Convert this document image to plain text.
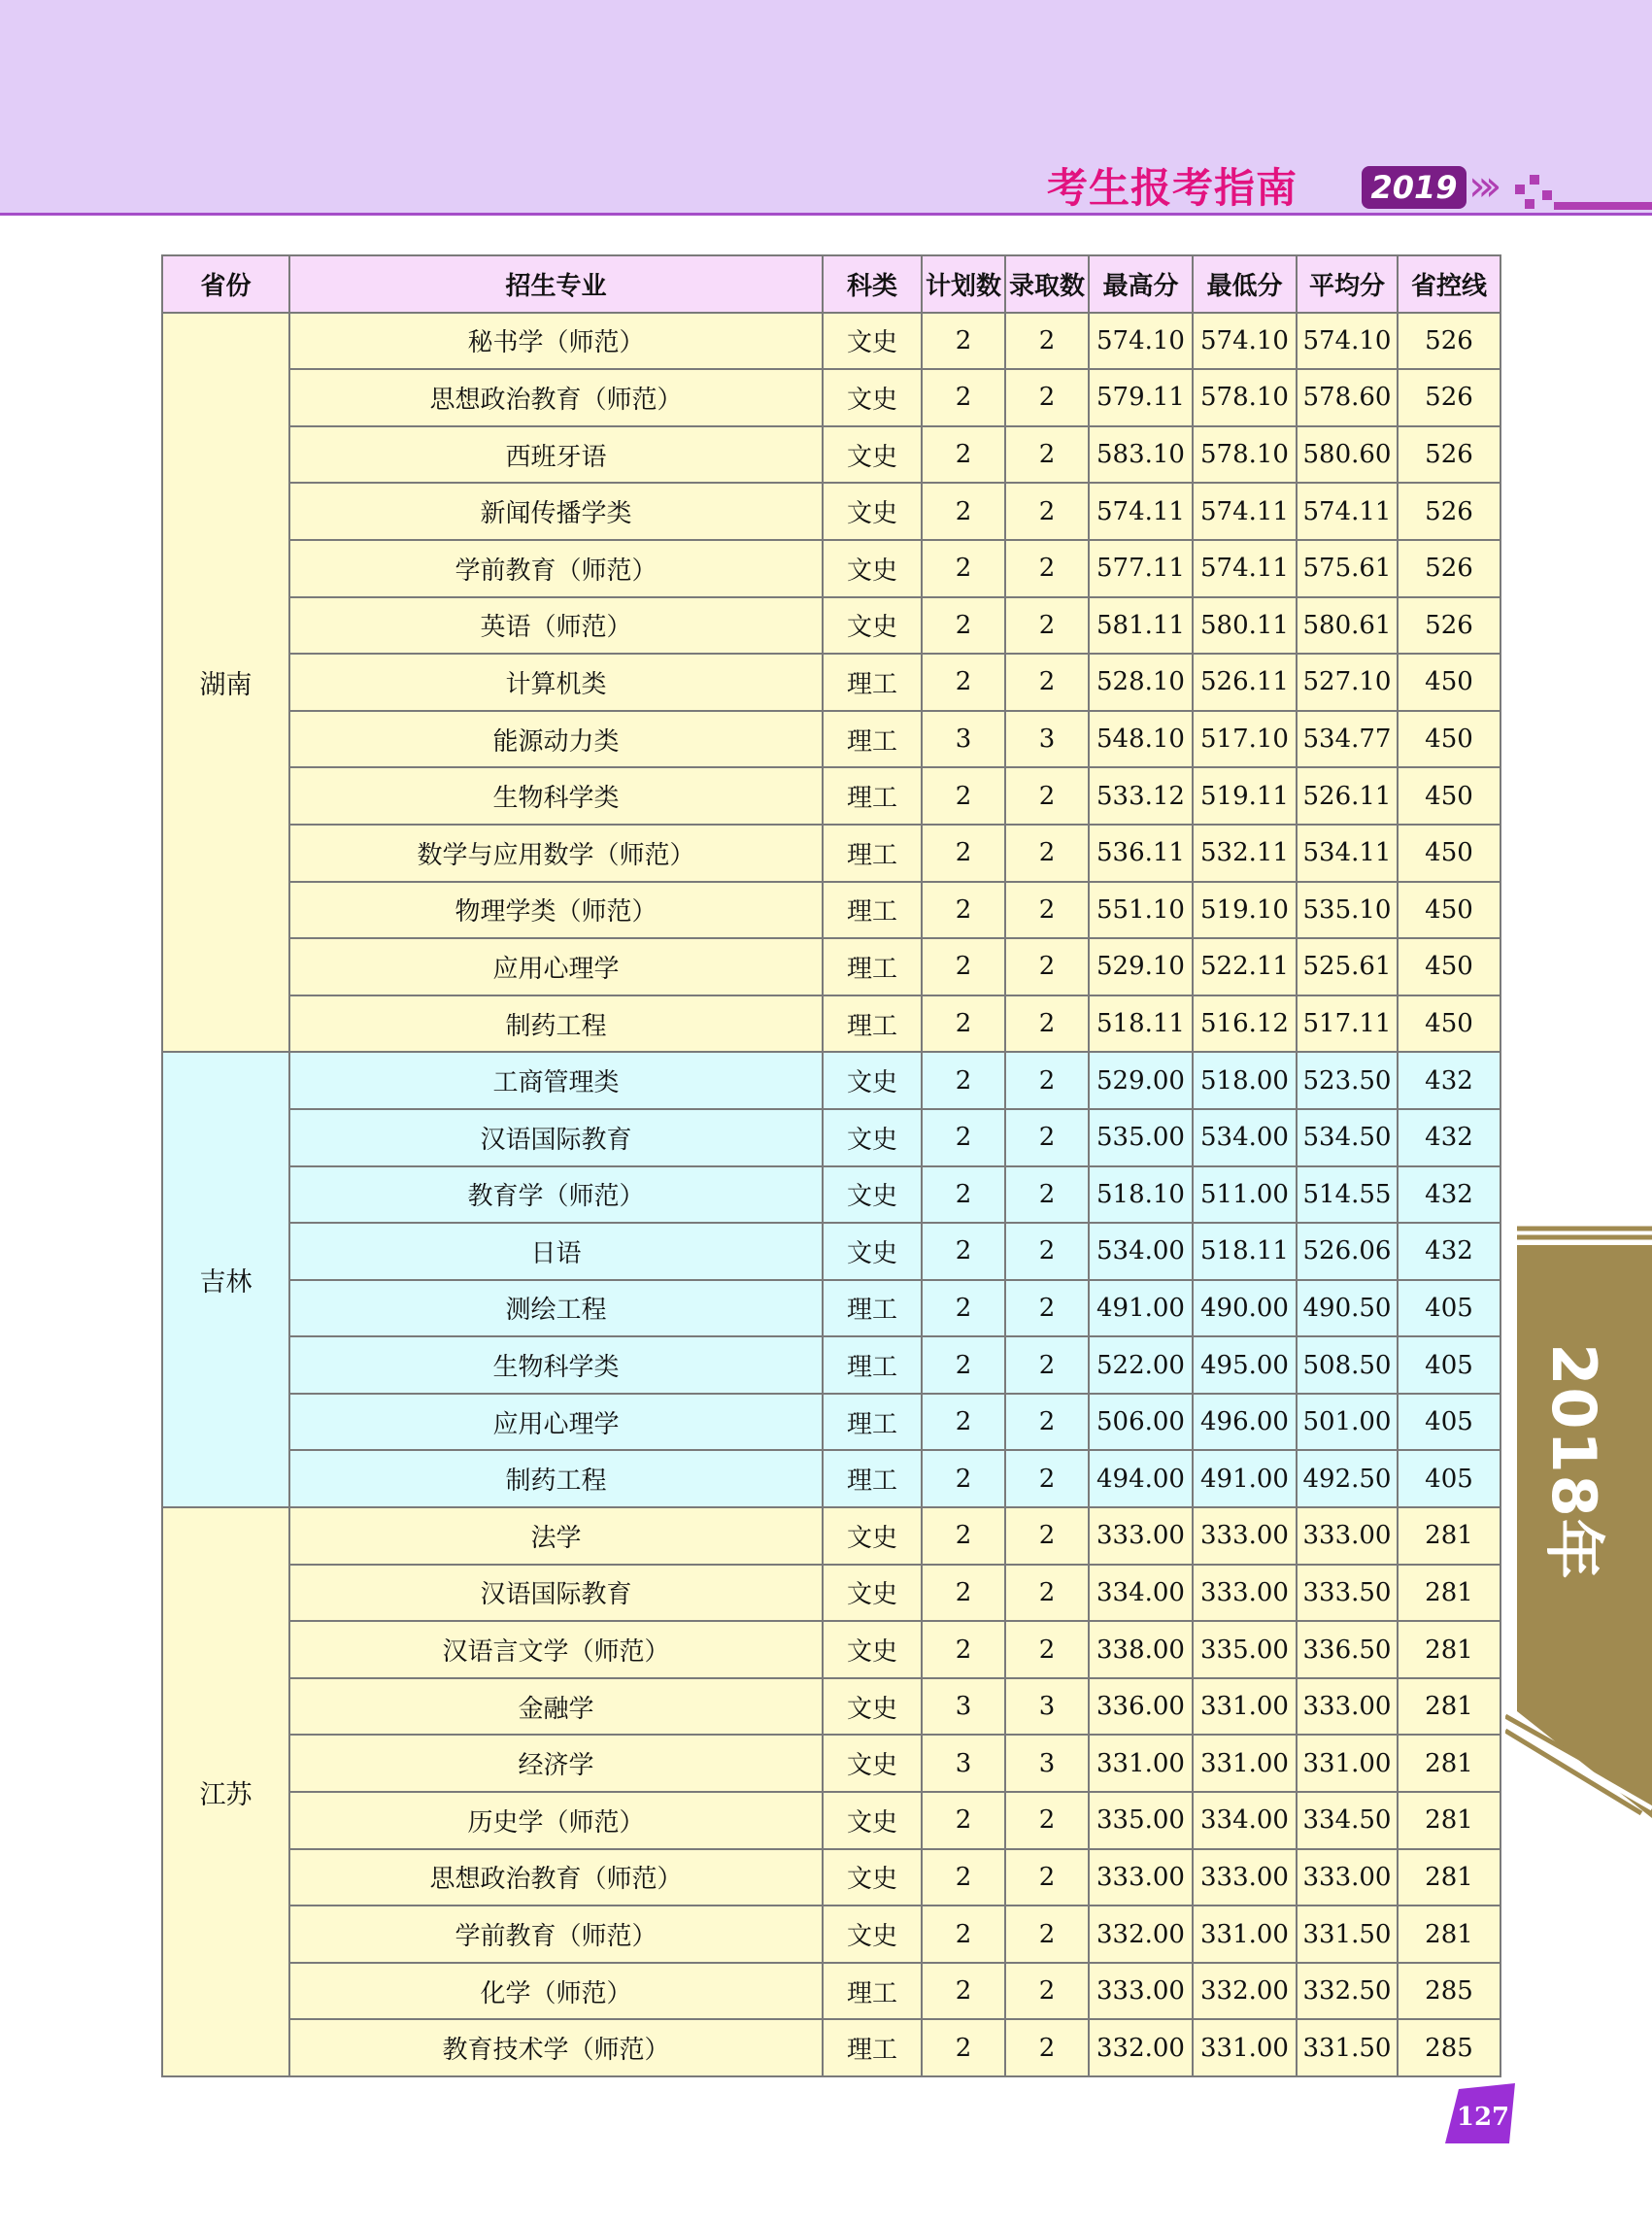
考生报考指南 2019 »›
省份	招生专业	科类	计划数	录取数	最高分	最低分	平均分	省控线
湖南	秘书学（师范）	文史	2	2	574.10	574.10	574.10	526
	思想政治教育（师范）	文史	2	2	579.11	578.10	578.60	526
	西班牙语	文史	2	2	583.10	578.10	580.60	526
	新闻传播学类	文史	2	2	574.11	574.11	574.11	526
	学前教育（师范）	文史	2	2	577.11	574.11	575.61	526
	英语（师范）	文史	2	2	581.11	580.11	580.61	526
	计算机类	理工	2	2	528.10	526.11	527.10	450
	能源动力类	理工	3	3	548.10	517.10	534.77	450
	生物科学类	理工	2	2	533.12	519.11	526.11	450
	数学与应用数学（师范）	理工	2	2	536.11	532.11	534.11	450
	物理学类（师范）	理工	2	2	551.10	519.10	535.10	450
	应用心理学	理工	2	2	529.10	522.11	525.61	450
	制药工程	理工	2	2	518.11	516.12	517.11	450
吉林	工商管理类	文史	2	2	529.00	518.00	523.50	432
	汉语国际教育	文史	2	2	535.00	534.00	534.50	432
	教育学（师范）	文史	2	2	518.10	511.00	514.55	432
	日语	文史	2	2	534.00	518.11	526.06	432
	测绘工程	理工	2	2	491.00	490.00	490.50	405
	生物科学类	理工	2	2	522.00	495.00	508.50	405
	应用心理学	理工	2	2	506.00	496.00	501.00	405
	制药工程	理工	2	2	494.00	491.00	492.50	405
江苏	法学	文史	2	2	333.00	333.00	333.00	281
	汉语国际教育	文史	2	2	334.00	333.00	333.50	281
	汉语言文学（师范）	文史	2	2	338.00	335.00	336.50	281
	金融学	文史	3	3	336.00	331.00	333.00	281
	经济学	文史	3	3	331.00	331.00	331.00	281
	历史学（师范）	文史	2	2	335.00	334.00	334.50	281
	思想政治教育（师范）	文史	2	2	333.00	333.00	333.00	281
	学前教育（师范）	文史	2	2	332.00	331.00	331.50	281
	化学（师范）	理工	2	2	333.00	332.00	332.50	285
	教育技术学（师范）	理工	2	2	332.00	331.00	331.50	285
2018年
127
